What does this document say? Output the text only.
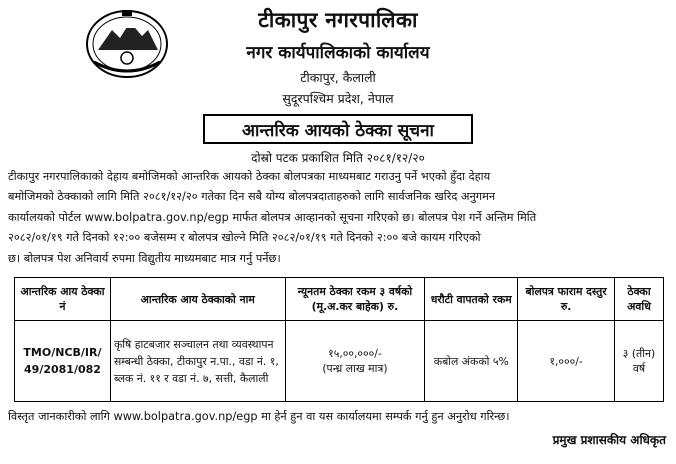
टीकापुर नगरपालिका
नगर कार्यपालिकाको कार्यालय
टीकापुर, कैलाली
सुदूरपश्चिम प्रदेश, नेपाल
आन्तरिक आयको ठेक्का सूचना
दोस्रो पटक प्रकाशित मिति २०८१/१२/२०
टीकापुर नगरपालिकाको देहाय बमोजिमको आन्तरिक आयको ठेक्का बोलपत्रका माध्यमबाट गराउनु पर्ने भएको हुँदा देहाय
बमोजिमको ठेक्काको लागि मिति २०८१/१२/२० गतेका दिन सबै योग्य बोलपत्रदाताहरुको लागि सार्वजनिक खरिद अनुगमन
कार्यालयको पोर्टल www.bolpatra.gov.np/egp मार्फत बोलपत्र आव्हानको सूचना गरिएको छ। बोलपत्र पेश गर्ने अन्तिम मिति
२०८२/०१/१९ गते दिनको १२:०० बजेसम्म र बोलपत्र खोल्ने मिति २०८२/०१/१९ गते दिनको २:०० बजे कायम गरिएको
छ। बोलपत्र पेश अनिवार्य रुपमा विद्युतीय माध्यमबाट मात्र गर्नु पर्नेछ।
आन्तरिक आय ठेक्का नं	आन्तरिक आय ठेक्काको नाम	न्यूनतम ठेक्का रकम ३ वर्षको (मू.अ.कर बाहेक) रु.	धरौटी वापतको रकम	बोलपत्र फाराम दस्तुर रु.	ठेक्का अवधि
TMO/NCB/IR/ 49/2081/082	कृषि हाटबजार सञ्चालन तथा व्यवस्थापन सम्बन्धी ठेक्का, टीकापुर न.पा., वडा नं. १, ब्लक नं. ११ र वडा नं. ७, सत्ती, कैलाली	१५,००,०००/-
(पन्ध्र लाख मात्र)	कबोल अंकको ५%	१,०००/-	३ (तीन) वर्ष
विस्तृत जानकारीको लागि www.bolpatra.gov.np/egp मा हेर्न हुन वा यस कार्यालयमा सम्पर्क गर्नु हुन अनुरोध गरिन्छ।
प्रमुख प्रशासकीय अधिकृत
